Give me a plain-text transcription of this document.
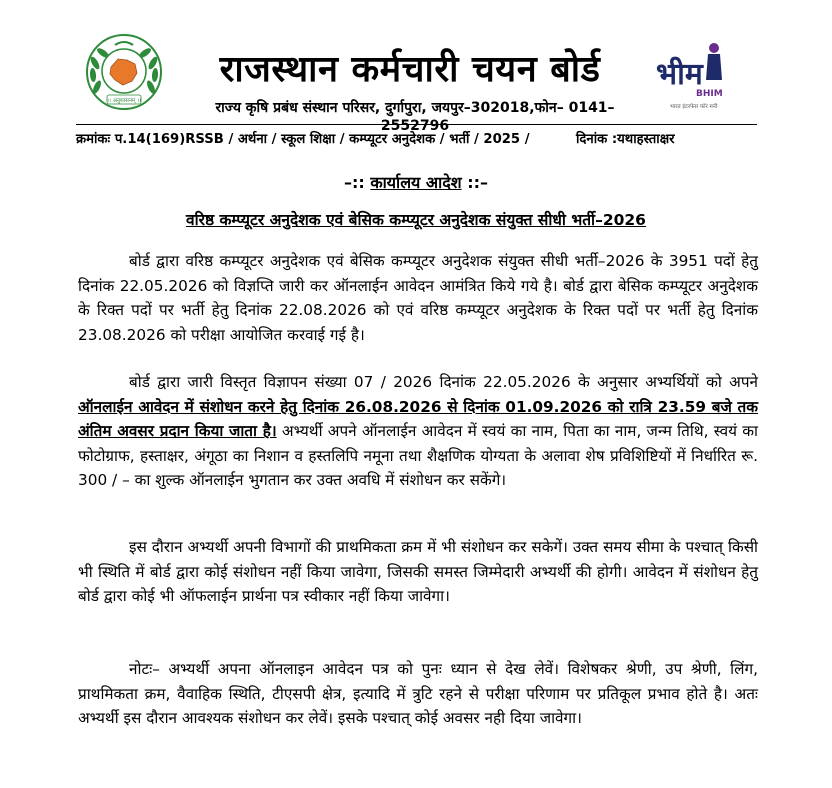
।। अनुशासनम् ।।
राजस्थान कर्मचारी चयन बोर्ड
राज्य कृषि प्रबंध संस्थान परिसर, दुर्गापुरा, जयपुर–302018,फोन– 0141–2552796
भीम
BHIM
भारत इंटरफेस फॉर मनी
क्रमांकः प.14(169)RSSB / अर्थना / स्कूल शिक्षा / कम्प्यूटर अनुदेशक / भर्ती / 2025 /	दिनांक :यथाहस्ताक्षर
–:: कार्यालय आदेश ::–
वरिष्ठ कम्प्यूटर अनुदेशक एवं बेसिक कम्प्यूटर अनुदेशक संयुक्त सीधी भर्ती–2026

बोर्ड द्वारा वरिष्ठ कम्प्यूटर अनुदेशक एवं बेसिक कम्प्यूटर अनुदेशक संयुक्त सीधी भर्ती–2026 के 3951 पदों हेतु दिनांक 22.05.2026 को विज्ञप्ति जारी कर ऑनलाईन आवेदन आमंत्रित किये गये है। बोर्ड द्वारा बेसिक कम्प्यूटर अनुदेशक के रिक्त पदों पर भर्ती हेतु दिनांक 22.08.2026 को एवं वरिष्ठ कम्प्यूटर अनुदेशक के रिक्त पदों पर भर्ती हेतु दिनांक 23.08.2026 को परीक्षा आयोजित करवाई गई है।

बोर्ड द्वारा जारी विस्तृत विज्ञापन संख्या 07 / 2026 दिनांक 22.05.2026 के अनुसार अभ्यर्थियों को अपने ऑनलाईन आवेदन में संशोधन करने हेतु दिनांक 26.08.2026 से दिनांक 01.09.2026 को रात्रि 23.59 बजे तक अंतिम अवसर प्रदान किया जाता है। अभ्यर्थी अपने ऑनलाईन आवेदन में स्वयं का नाम, पिता का नाम, जन्म तिथि, स्वयं का फोटोग्राफ, हस्ताक्षर, अंगूठा का निशान व हस्तलिपि नमूना तथा शैक्षणिक योग्यता के अलावा शेष प्रविशिष्टियों में निर्धारित रू. 300 / – का शुल्क ऑनलाईन भुगतान कर उक्त अवधि में संशोधन कर सकेंगे।

इस दौरान अभ्यर्थी अपनी विभागों की प्राथमिकता क्रम में भी संशोधन कर सकेगें। उक्त समय सीमा के पश्चात् किसी भी स्थिति में बोर्ड द्वारा कोई संशोधन नहीं किया जावेगा, जिसकी समस्त जिम्मेदारी अभ्यर्थी की होगी। आवेदन में संशोधन हेतु बोर्ड द्वारा कोई भी ऑफलाईन प्रार्थना पत्र स्वीकार नहीं किया जावेगा।

नोटः– अभ्यर्थी अपना ऑनलाइन आवेदन पत्र को पुनः ध्यान से देख लेवें। विशेषकर श्रेणी, उप श्रेणी, लिंग, प्राथमिकता क्रम, वैवाहिक स्थिति, टीएसपी क्षेत्र, इत्यादि में त्रुटि रहने से परीक्षा परिणाम पर प्रतिकूल प्रभाव होते है। अतः अभ्यर्थी इस दौरान आवश्यक संशोधन कर लेवें। इसके पश्चात् कोई अवसर नही दिया जावेगा।
